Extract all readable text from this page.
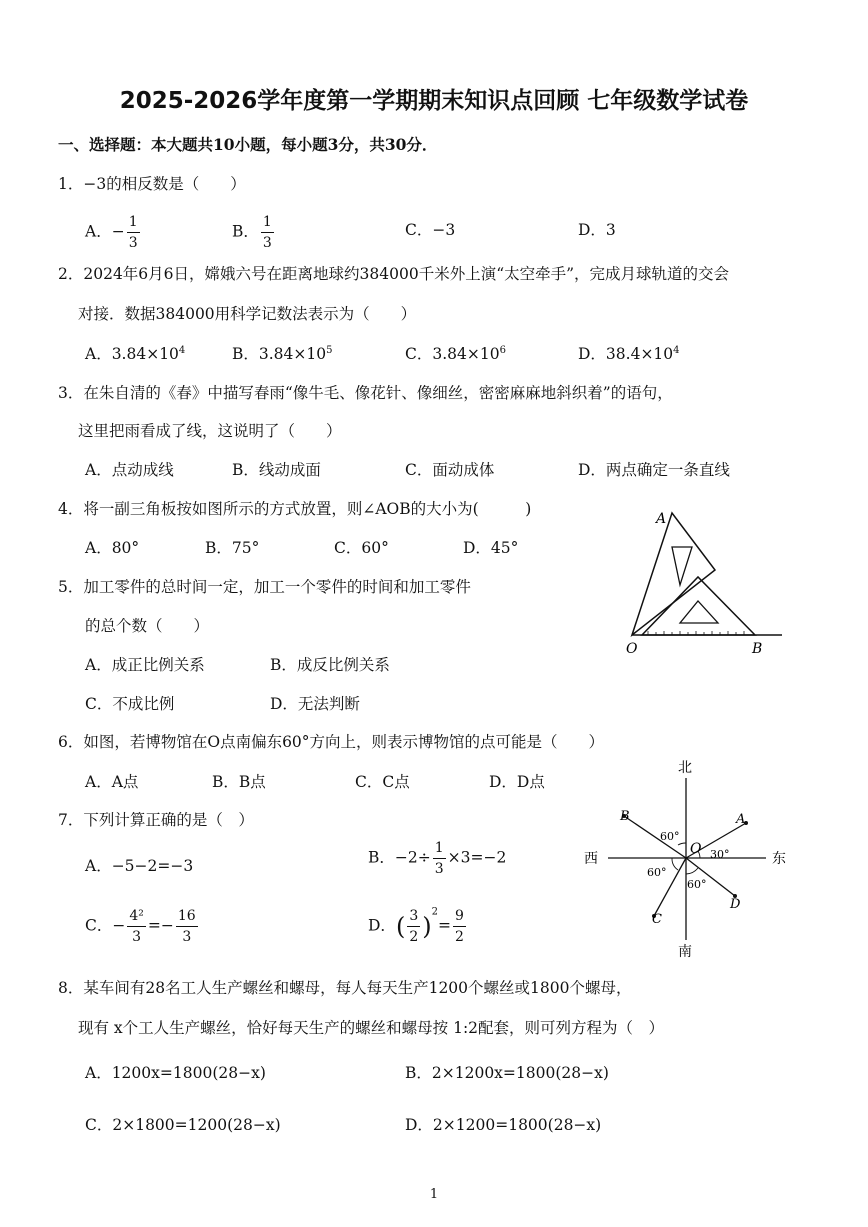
2025-2026学年度第一学期期末知识点回顾 七年级数学试卷
一、选择题：本大题共10小题，每小题3分，共30分．
1．−3的相反数是（　　）
A．− $\frac{1}{3}$	B． $\frac{1}{3}$	C．−3	D．3
2．2024年6月6日，嫦娥六号在距离地球约384000千米外上演“太空牵手”，完成月球轨道的交会
对接．数据384000用科学记数法表示为（　　）
A．$3.84\times 10^4$	B．$3.84\times 10^5$	C．$3.84\times 10^6$	D．$38.4\times 10^4$
3．在朱自清的《春》中描写春雨“像牛毛、像花针、像细丝，密密麻麻地斜织着”的语句，
这里把雨看成了线，这说明了（　　）
A．点动成线	B．线动成面	C．面动成体	D．两点确定一条直线
4．将一副三角板按如图所示的方式放置，则∠AOB的大小为(　　　)
A．80°	B．75°	C．60°	D．45°
A
O	B
5．加工零件的总时间一定，加工一个零件的时间和加工零件
的总个数（　　）
A．成正比例关系	B．成反比例关系
C．不成比例	D．无法判断
6．如图，若博物馆在O点南偏东60°方向上，则表示博物馆的点可能是（　　）
A．A点	B．B点	C．C点	D．D点
北
南
西	东
B	A
C
D
O
60°
30°
60°
60°
7．下列计算正确的是（　）
A．−5−2=−3	B．$-2\div \frac{1}{3} \times 3=-2$
C．− $\frac{\text{4²}}{3} =- \frac{16}{3}$	D．( $\frac{3}{2} )^2= \frac{9}{2}$
8．某车间有28名工人生产螺丝和螺母，每人每天生产1200个螺丝或1800个螺母，
现有 x个工人生产螺丝，恰好每天生产的螺丝和螺母按 1:2配套，则可列方程为（　）
A．1200x=1800(28−x)	B．2×1200x=1800(28−x)
C．2×1800=1200(28−x)	D．2×1200=1800(28−x)
1
